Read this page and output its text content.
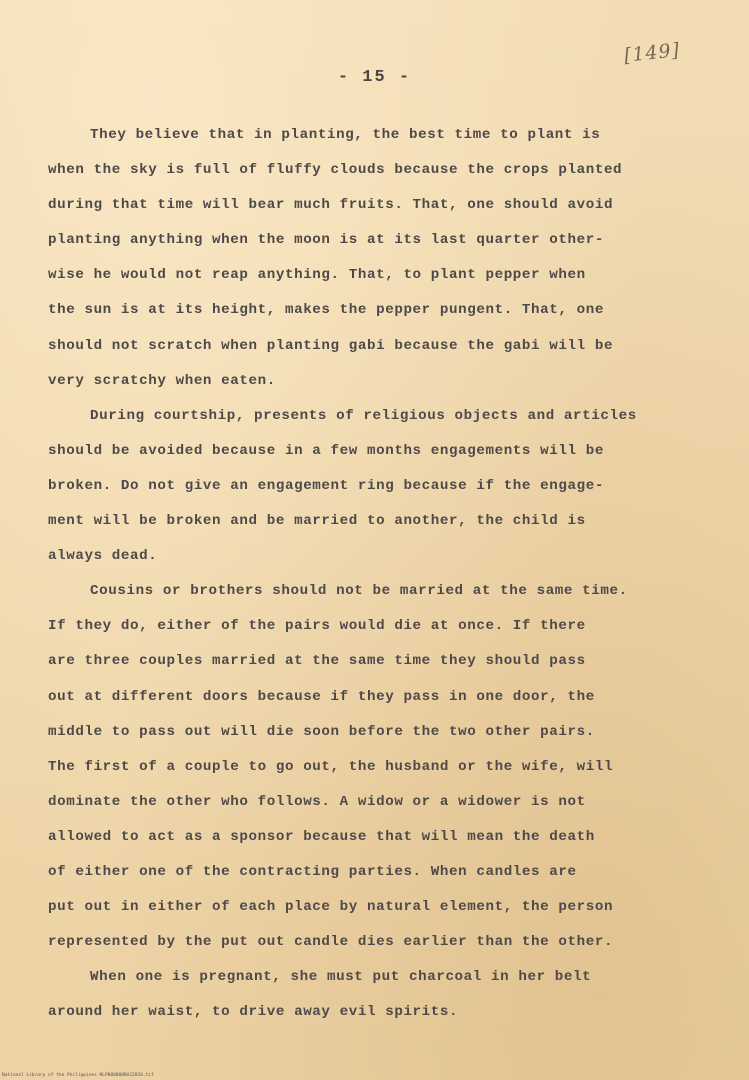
[149]
- 15 -
They believe that in planting, the best time to plant is
when the sky is full of fluffy clouds because the crops planted
during that time will bear much fruits. That, one should avoid
planting anything when the moon is at its last quarter other-
wise he would not reap anything. That, to plant pepper when
the sun is at its height, makes the pepper pungent. That, one
should not scratch when planting gabi because the gabi will be
very scratchy when eaten.
During courtship, presents of religious objects and articles
should be avoided because in a few months engagements will be
broken. Do not give an engagement ring because if the engage-
ment will be broken and be married to another, the child is
always dead.
Cousins or brothers should not be married at the same time.
If they do, either of the pairs would die at once. If there
are three couples married at the same time they should pass
out at different doors because if they pass in one door, the
middle to pass out will die soon before the two other pairs.
The first of a couple to go out, the husband or the wife, will
dominate the other who follows. A widow or a widower is not
allowed to act as a sponsor because that will mean the death
of either one of the contracting parties. When candles are
put out in either of each place by natural element, the person
represented by the put out candle dies earlier than the other.
When one is pregnant, she must put charcoal in her belt
around her waist, to drive away evil spirits.
National Library of the Philippines NLP000000RA22010.tif
